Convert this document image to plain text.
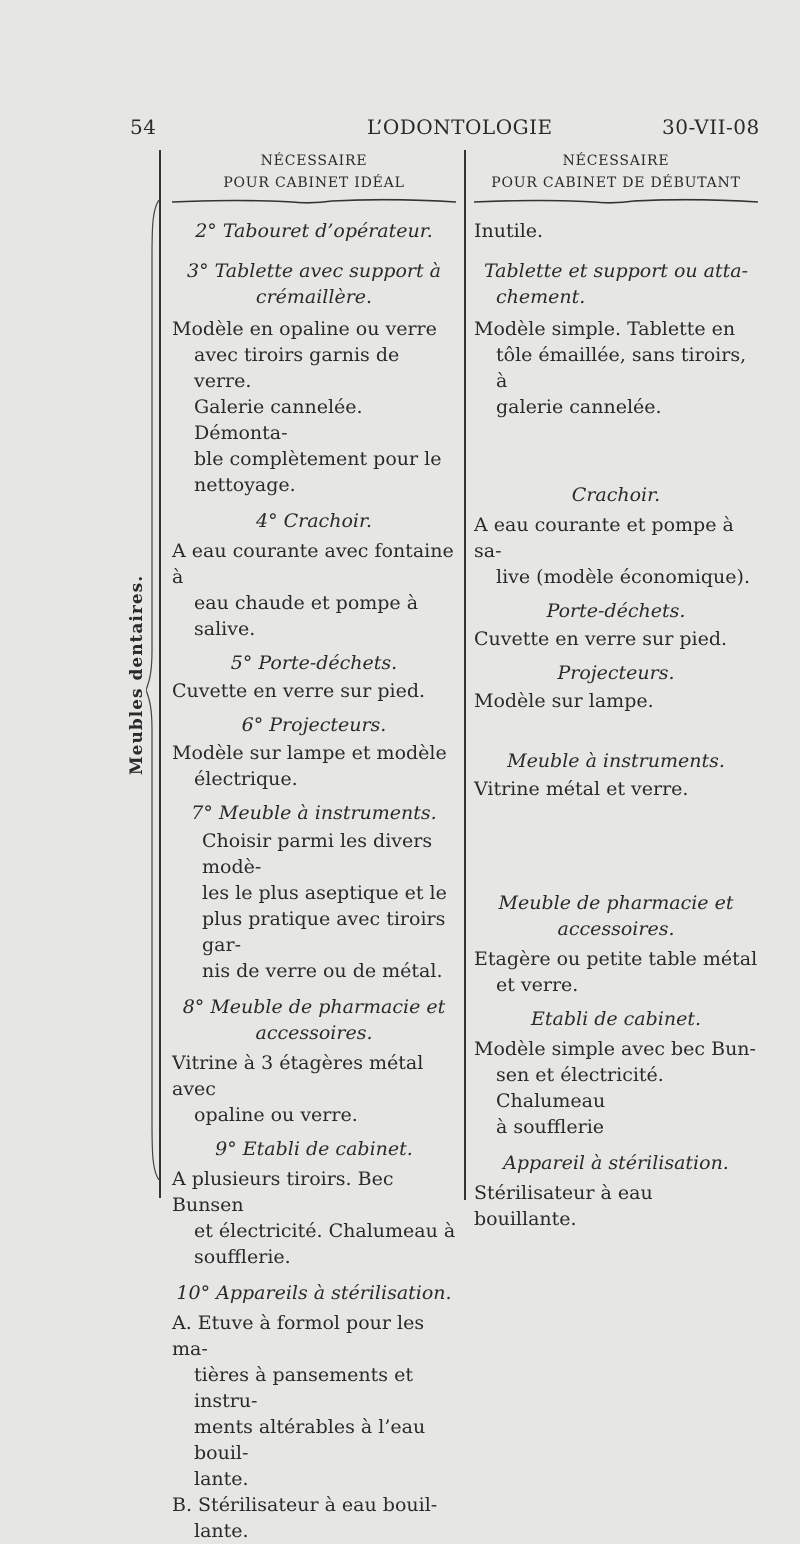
54	L’ODONTOLOGIE	30-VII-08
Meubles dentaires.
NÉCESSAIRE
POUR CABINET IDÉAL

2° Tabouret d’opérateur.

3° Tablette avec support à

crémaillère.

Modèle en opaline ou verre

avec tiroirs garnis de verre.

Galerie cannelée. Démonta-

ble complètement pour le

nettoyage.

4° Crachoir.

A eau courante avec fontaine à

eau chaude et pompe à salive.

5° Porte-déchets.

Cuvette en verre sur pied.

6° Projecteurs.

Modèle sur lampe et modèle

électrique.

7° Meuble à instruments.

Choisir parmi les divers modè-

les le plus aseptique et le

plus pratique avec tiroirs gar-

nis de verre ou de métal.

8° Meuble de pharmacie et

accessoires.

Vitrine à 3 étagères métal avec

opaline ou verre.

9° Etabli de cabinet.

A plusieurs tiroirs. Bec Bunsen

et électricité. Chalumeau à

soufflerie.

10° Appareils à stérilisation.

A. Etuve à formol pour les ma-

tières à pansements et instru-

ments altérables à l’eau bouil-

lante.

B. Stérilisateur à eau bouil-

lante.

NÉCESSAIRE
POUR CABINET DE DÉBUTANT

Inutile.

Tablette et support ou atta-

chement.

Modèle simple. Tablette en

tôle émaillée, sans tiroirs, à

galerie cannelée.

Crachoir.

A eau courante et pompe à sa-

live (modèle économique).

Porte-déchets.

Cuvette en verre sur pied.

Projecteurs.

Modèle sur lampe.

Meuble à instruments.

Vitrine métal et verre.

Meuble de pharmacie et

accessoires.

Etagère ou petite table métal

et verre.

Etabli de cabinet.

Modèle simple avec bec Bun-

sen et électricité. Chalumeau

à soufflerie

Appareil à stérilisation.

Stérilisateur à eau bouillante.
